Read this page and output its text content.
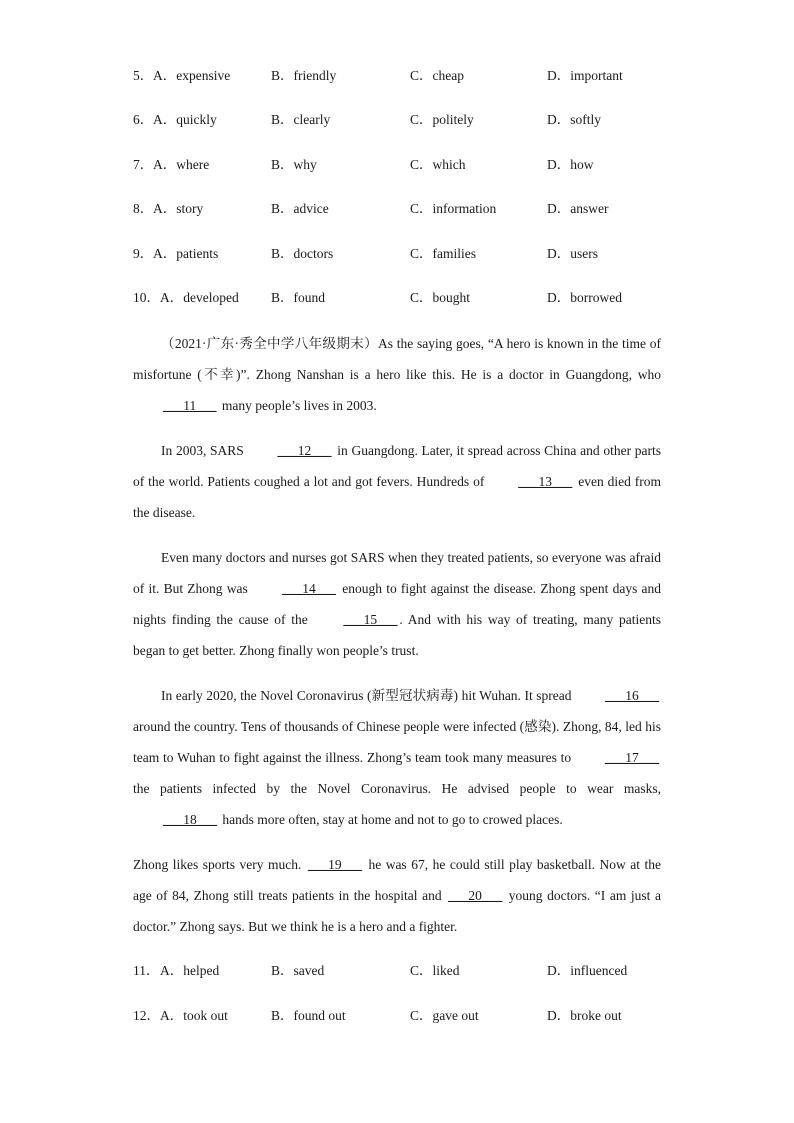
5． A．expensive	B．friendly	C．cheap	D．important
6． A．quickly	B．clearly	C．politely	D．softly
7． A．where	B．why	C．which	D．how
8． A．story	B．advice	C．information	D．answer
9． A．patients	B．doctors	C．families	D．users
10． A．developed B．found	C．bought	D．borrowed
（2021·广东·秀全中学八年级期末）As the saying goes, “A hero is known in the time of misfortune (不幸)”. Zhong Nanshan is a hero like this. He is a doctor in Guangdong, who ___11___ many people’s lives in 2003.
In 2003, SARS ___12___ in Guangdong. Later, it spread across China and other parts of the world. Patients coughed a lot and got fevers. Hundreds of	___13___ even died from the disease.
Even many doctors and nurses got SARS when they treated patients, so everyone was afraid of it. But Zhong was	___14___ enough to fight against the disease. Zhong spent days and nights finding the cause of the	___15___ . And with his way of treating, many patients began to get better. Zhong finally won people’s trust.
In early 2020, the Novel Coronavirus (新型冠状病毒) hit Wuhan. It spread ___16___ around the country. Tens of thousands of Chinese people were infected (感染). Zhong, 84, led his team to Wuhan to fight against the illness. Zhong’s team took many measures to	___17___ the patients infected by the Novel Coronavirus. He advised people to wear masks, ___18___ hands more often, stay at home and not to go to crowed places.
Zhong likes sports very much. ___19___ he was 67, he could still play basketball. Now at the age of 84, Zhong still treats patients in the hospital and ___20___ young doctors. “I am just a doctor.” Zhong says. But we think he is a hero and a fighter.
11． A．helped	B．saved	C．liked	D．influenced
12． A．took out	B．found out	C．gave out	D．broke out
